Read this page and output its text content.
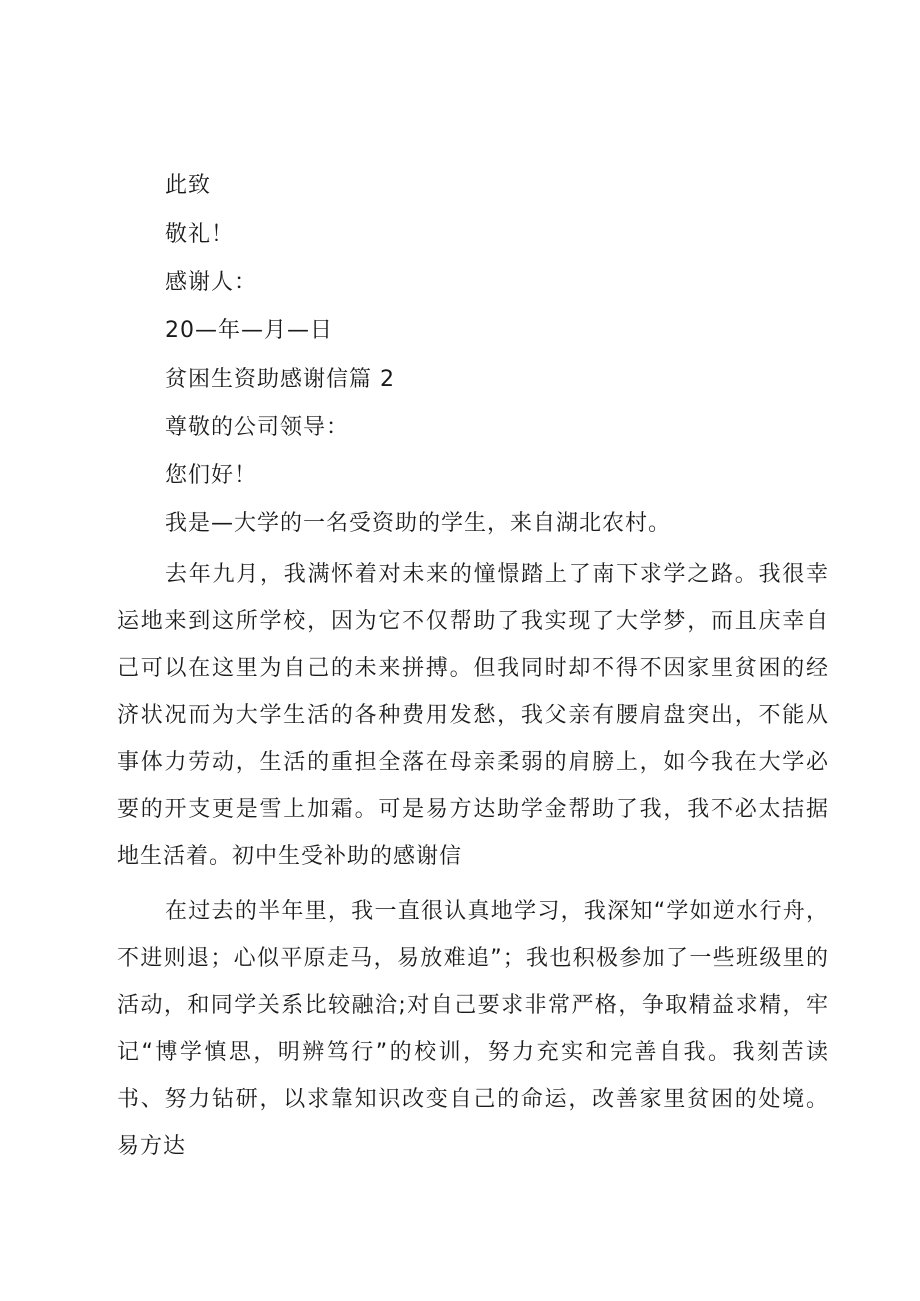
此致
敬礼！
感谢人：
20—年—月—日
贫困生资助感谢信篇 2
尊敬的公司领导：
您们好！
我是—大学的一名受资助的学生，来自湖北农村。

去年九月，我满怀着对未来的憧憬踏上了南下求学之路。我很幸运地来到这所学校，因为它不仅帮助了我实现了大学梦，而且庆幸自己可以在这里为自己的未来拼搏。但我同时却不得不因家里贫困的经济状况而为大学生活的各种费用发愁，我父亲有腰肩盘突出，不能从事体力劳动，生活的重担全落在母亲柔弱的肩膀上，如今我在大学必要的开支更是雪上加霜。可是易方达助学金帮助了我，我不必太拮据地生活着。初中生受补助的感谢信

在过去的半年里，我一直很认真地学习，我深知“学如逆水行舟，不进则退；心似平原走马，易放难追”；我也积极参加了一些班级里的活动，和同学关系比较融洽;对自己要求非常严格，争取精益求精，牢记“博学慎思，明辨笃行”的校训，努力充实和完善自我。我刻苦读书、努力钻研，以求靠知识改变自己的命运，改善家里贫困的处境。易方达
